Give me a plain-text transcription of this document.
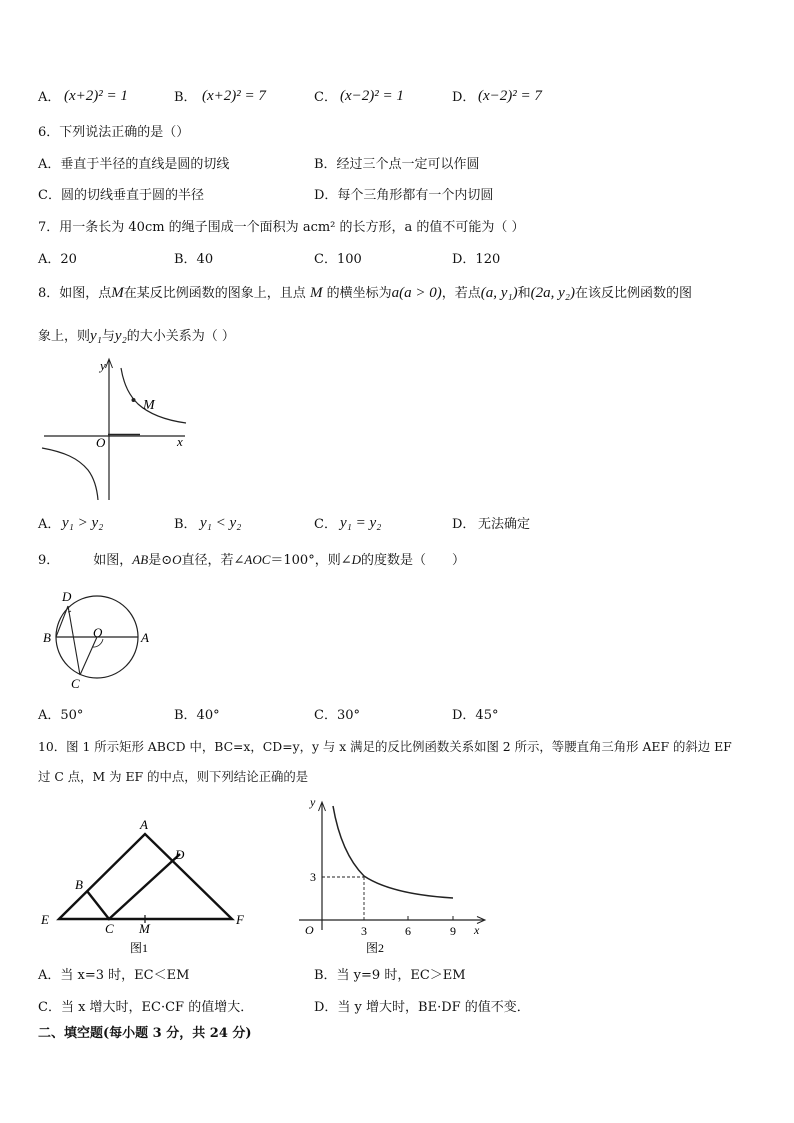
A． (x+2)² = 1	B． (x+2)² = 7	C． (x−2)² = 1	D． (x−2)² = 7
6．下列说法正确的是（）
A．垂直于半径的直线是圆的切线	B．经过三个点一定可以作圆
C．圆的切线垂直于圆的半径	D．每个三角形都有一个内切圆
7．用一条长为 40cm 的绳子围成一个面积为 acm² 的长方形，a 的值不可能为（ ）
A．20	B．40	C．100	D．120
8．如图，点M在某反比例函数的图象上，且点 M 的横坐标为a(a > 0)，若点(a, y₁)和(2a, y₂)在该反比例函数的图
象上，则y₁与y₂的大小关系为（ ）
y
x
O
M
A． y₁ > y₂	B． y₁ < y₂	C． y₁ = y₂	D． 无法确定
9．	如图，AB是⊙O直径，若∠AOC＝100°，则∠D的度数是（　　）
D
B	O	A
C
A．50°	B．40°	C．30°	D．45°
10．图 1 所示矩形 ABCD 中，BC=x，CD=y，y 与 x 满足的反比例函数关系如图 2 所示，等腰直角三角形 AEF 的斜边 EF
过 C 点，M 为 EF 的中点，则下列结论正确的是
A
B
C
D
E	F
M
图1
y
x
O
3
3	6	9
图2
A．当 x=3 时，EC＜EM	B．当 y=9 时，EC＞EM
C．当 x 增大时，EC·CF 的值增大．	D．当 y 增大时，BE·DF 的值不变．
二、填空题(每小题 3 分，共 24 分)
